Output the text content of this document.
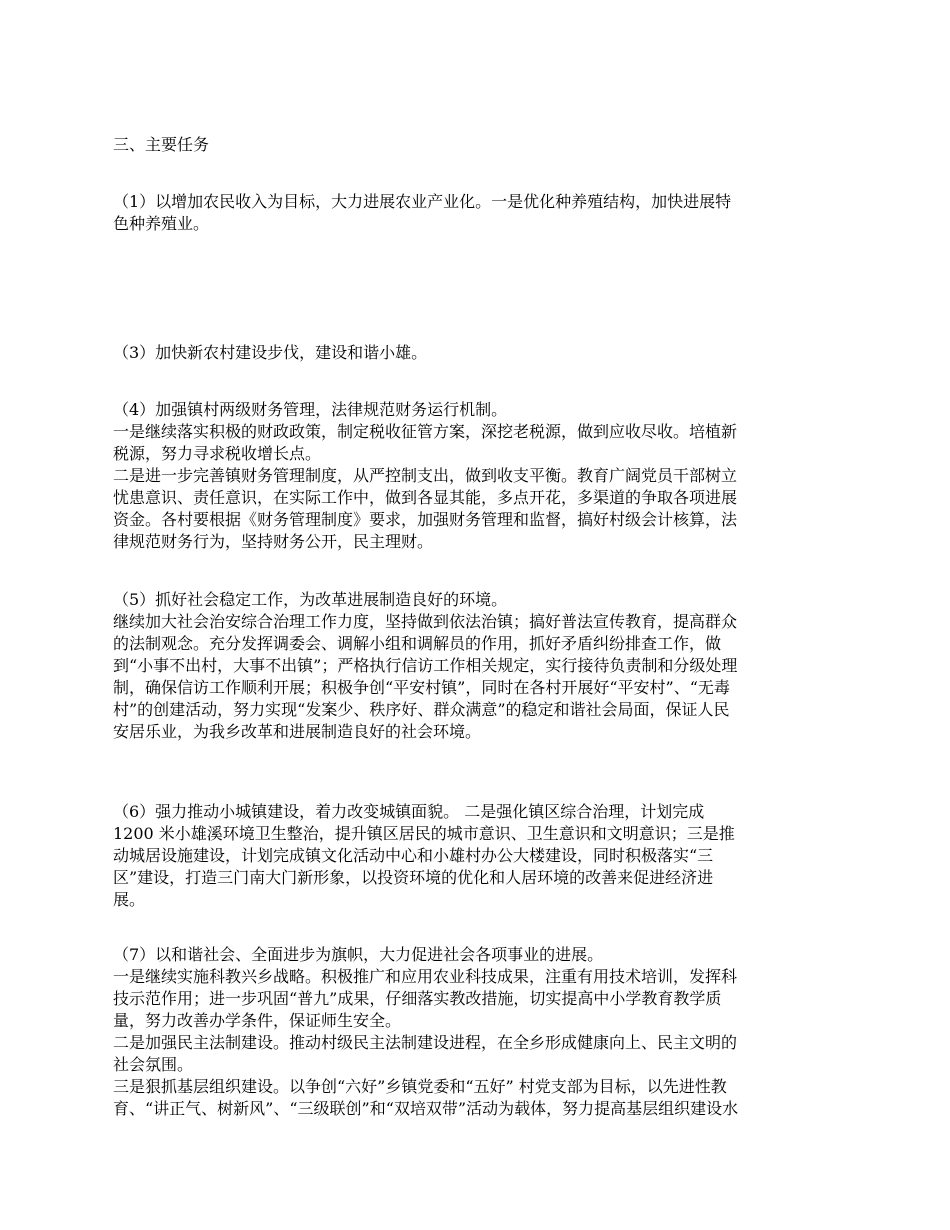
三、主要任务
（1）以增加农民收入为目标，大力进展农业产业化。一是优化种养殖结构，加快进展特
色种养殖业。
（3）加快新农村建设步伐，建设和谐小雄。
（4）加强镇村两级财务管理，法律规范财务运行机制。
一是继续落实积极的财政政策，制定税收征管方案，深挖老税源，做到应收尽收。培植新
税源，努力寻求税收增长点。
二是进一步完善镇财务管理制度，从严控制支出，做到收支平衡。教育广阔党员干部树立
忧患意识、责任意识，在实际工作中，做到各显其能，多点开花，多渠道的争取各项进展
资金。各村要根据《财务管理制度》要求，加强财务管理和监督，搞好村级会计核算，法
律规范财务行为，坚持财务公开，民主理财。
（5）抓好社会稳定工作，为改革进展制造良好的环境。
继续加大社会治安综合治理工作力度，坚持做到依法治镇；搞好普法宣传教育，提高群众
的法制观念。充分发挥调委会、调解小组和调解员的作用，抓好矛盾纠纷排查工作，做
到“小事不出村，大事不出镇”；严格执行信访工作相关规定，实行接待负责制和分级处理
制，确保信访工作顺利开展；积极争创“平安村镇”，同时在各村开展好“平安村”、“无毒
村”的创建活动，努力实现“发案少、秩序好、群众满意”的稳定和谐社会局面，保证人民
安居乐业，为我乡改革和进展制造良好的社会环境。
（6）强力推动小城镇建设，着力改变城镇面貌。 二是强化镇区综合治理，计划完成
1200 米小雄溪环境卫生整治，提升镇区居民的城市意识、卫生意识和文明意识；三是推
动城居设施建设，计划完成镇文化活动中心和小雄村办公大楼建设，同时积极落实“三
区”建设，打造三门南大门新形象，以投资环境的优化和人居环境的改善来促进经济进
展。
（7）以和谐社会、全面进步为旗帜，大力促进社会各项事业的进展。
一是继续实施科教兴乡战略。积极推广和应用农业科技成果，注重有用技术培训，发挥科
技示范作用；进一步巩固“普九”成果，仔细落实教改措施，切实提高中小学教育教学质
量，努力改善办学条件，保证师生安全。
二是加强民主法制建设。推动村级民主法制建设进程，在全乡形成健康向上、民主文明的
社会氛围。
三是狠抓基层组织建设。以争创“六好”乡镇党委和“五好” 村党支部为目标，以先进性教
育、“讲正气、树新风”、“三级联创”和“双培双带”活动为载体，努力提高基层组织建设水
